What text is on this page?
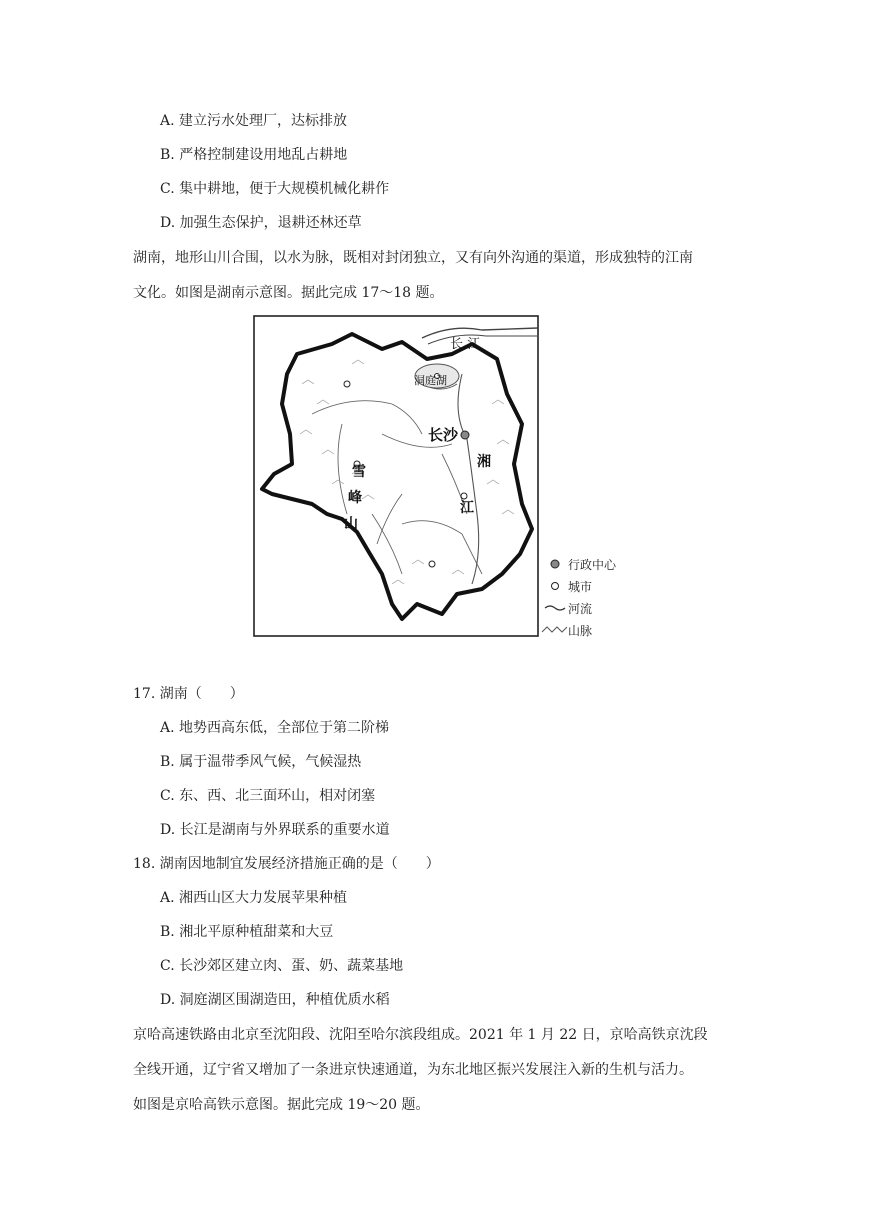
A. 建立污水处理厂，达标排放
B. 严格控制建设用地乱占耕地
C. 集中耕地，便于大规模机械化耕作
D. 加强生态保护，退耕还林还草
湖南，地形山川合围，以水为脉，既相对封闭独立，又有向外沟通的渠道，形成独特的江南
文化。如图是湖南示意图。据此完成 17～18 题。
长 江
洞庭湖
长沙
雪
峰
山
湘
江
行政中心
城市
河流
山脉
17. 湖南（　　）
A. 地势西高东低，全部位于第二阶梯
B. 属于温带季风气候，气候湿热
C. 东、西、北三面环山，相对闭塞
D. 长江是湖南与外界联系的重要水道
18. 湖南因地制宜发展经济措施正确的是（　　）
A. 湘西山区大力发展苹果种植
B. 湘北平原种植甜菜和大豆
C. 长沙郊区建立肉、蛋、奶、蔬菜基地
D. 洞庭湖区围湖造田，种植优质水稻
京哈高速铁路由北京至沈阳段、沈阳至哈尔滨段组成。2021 年 1 月 22 日，京哈高铁京沈段
全线开通，辽宁省又增加了一条进京快速通道，为东北地区振兴发展注入新的生机与活力。
如图是京哈高铁示意图。据此完成 19～20 题。
